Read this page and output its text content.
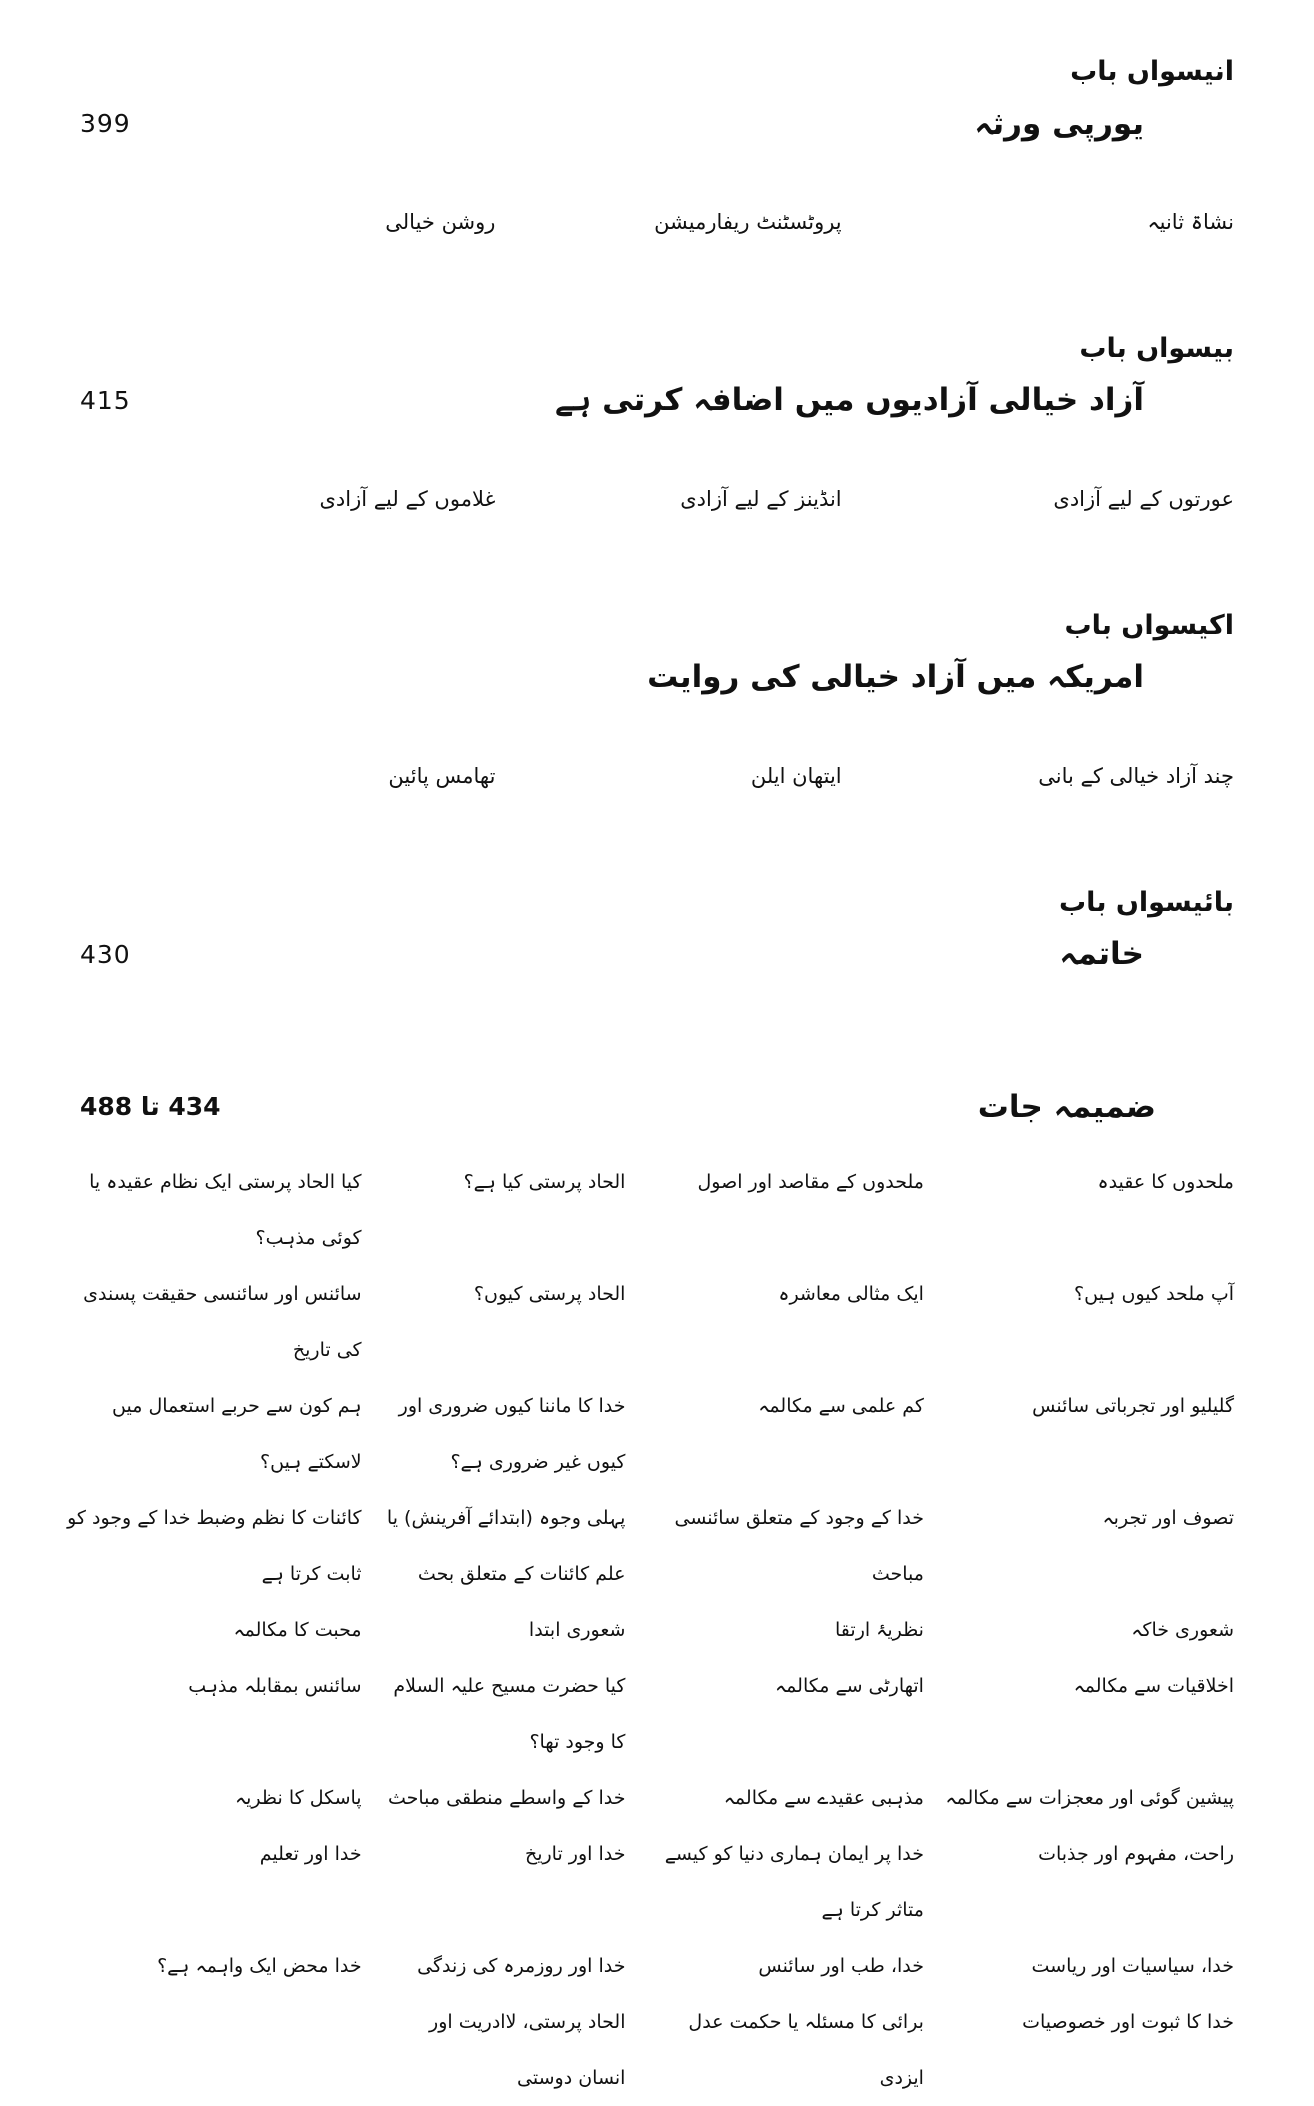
انیسواں باب
یورپی ورثہ
399
نشاۃ ثانیہ
پروٹسٹنٹ ریفارمیشن
روشن خیالی
بیسواں باب
آزاد خیالی آزادیوں میں اضافہ کرتی ہے
415
عورتوں کے لیے آزادی
انڈینز کے لیے آزادی
غلاموں کے لیے آزادی
اکیسواں باب
امریکہ میں آزاد خیالی کی روایت
چند آزاد خیالی کے بانی
ایتھان ایلن
تھامس پائین
بائیسواں باب
خاتمہ
430
ضمیمہ جات
434 تا 488
ملحدوں کا عقیدہ
ملحدوں کے مقاصد اور اصول
الحاد پرستی کیا ہے؟
کیا الحاد پرستی ایک نظام عقیدہ یا کوئی مذہب؟
آپ ملحد کیوں ہیں؟
ایک مثالی معاشرہ
الحاد پرستی کیوں؟
سائنس اور سائنسی حقیقت پسندی کی تاریخ
گلیلیو اور تجرباتی سائنس
کم علمی سے مکالمہ
خدا کا ماننا کیوں ضروری اور کیوں غیر ضروری ہے؟
ہم کون سے حربے استعمال میں لاسکتے ہیں؟
تصوف اور تجربہ
خدا کے وجود کے متعلق سائنسی مباحث
پہلی وجوہ (ابتدائے آفرینش) یا علم کائنات کے متعلق بحث
کائنات کا نظم وضبط خدا کے وجود کو ثابت کرتا ہے
شعوری خاکہ
نظریۂ ارتقا
شعوری ابتدا
محبت کا مکالمہ
اخلاقیات سے مکالمہ
اتھارٹی سے مکالمہ
کیا حضرت مسیح علیہ السلام کا وجود تھا؟
سائنس بمقابلہ مذہب
پیشین گوئی اور معجزات سے مکالمہ
مذہبی عقیدے سے مکالمہ
خدا کے واسطے منطقی مباحث
پاسکل کا نظریہ
راحت، مفہوم اور جذبات
خدا پر ایمان ہماری دنیا کو کیسے متاثر کرتا ہے
خدا اور تاریخ
خدا اور تعلیم
خدا، سیاسیات اور ریاست
خدا، طب اور سائنس
خدا اور روزمرہ کی زندگی
خدا محض ایک واہمہ ہے؟
خدا کا ثبوت اور خصوصیات
برائی کا مسئلہ یا حکمت عدل ایزدی
الحاد پرستی، لاادریت اور انسان دوستی
